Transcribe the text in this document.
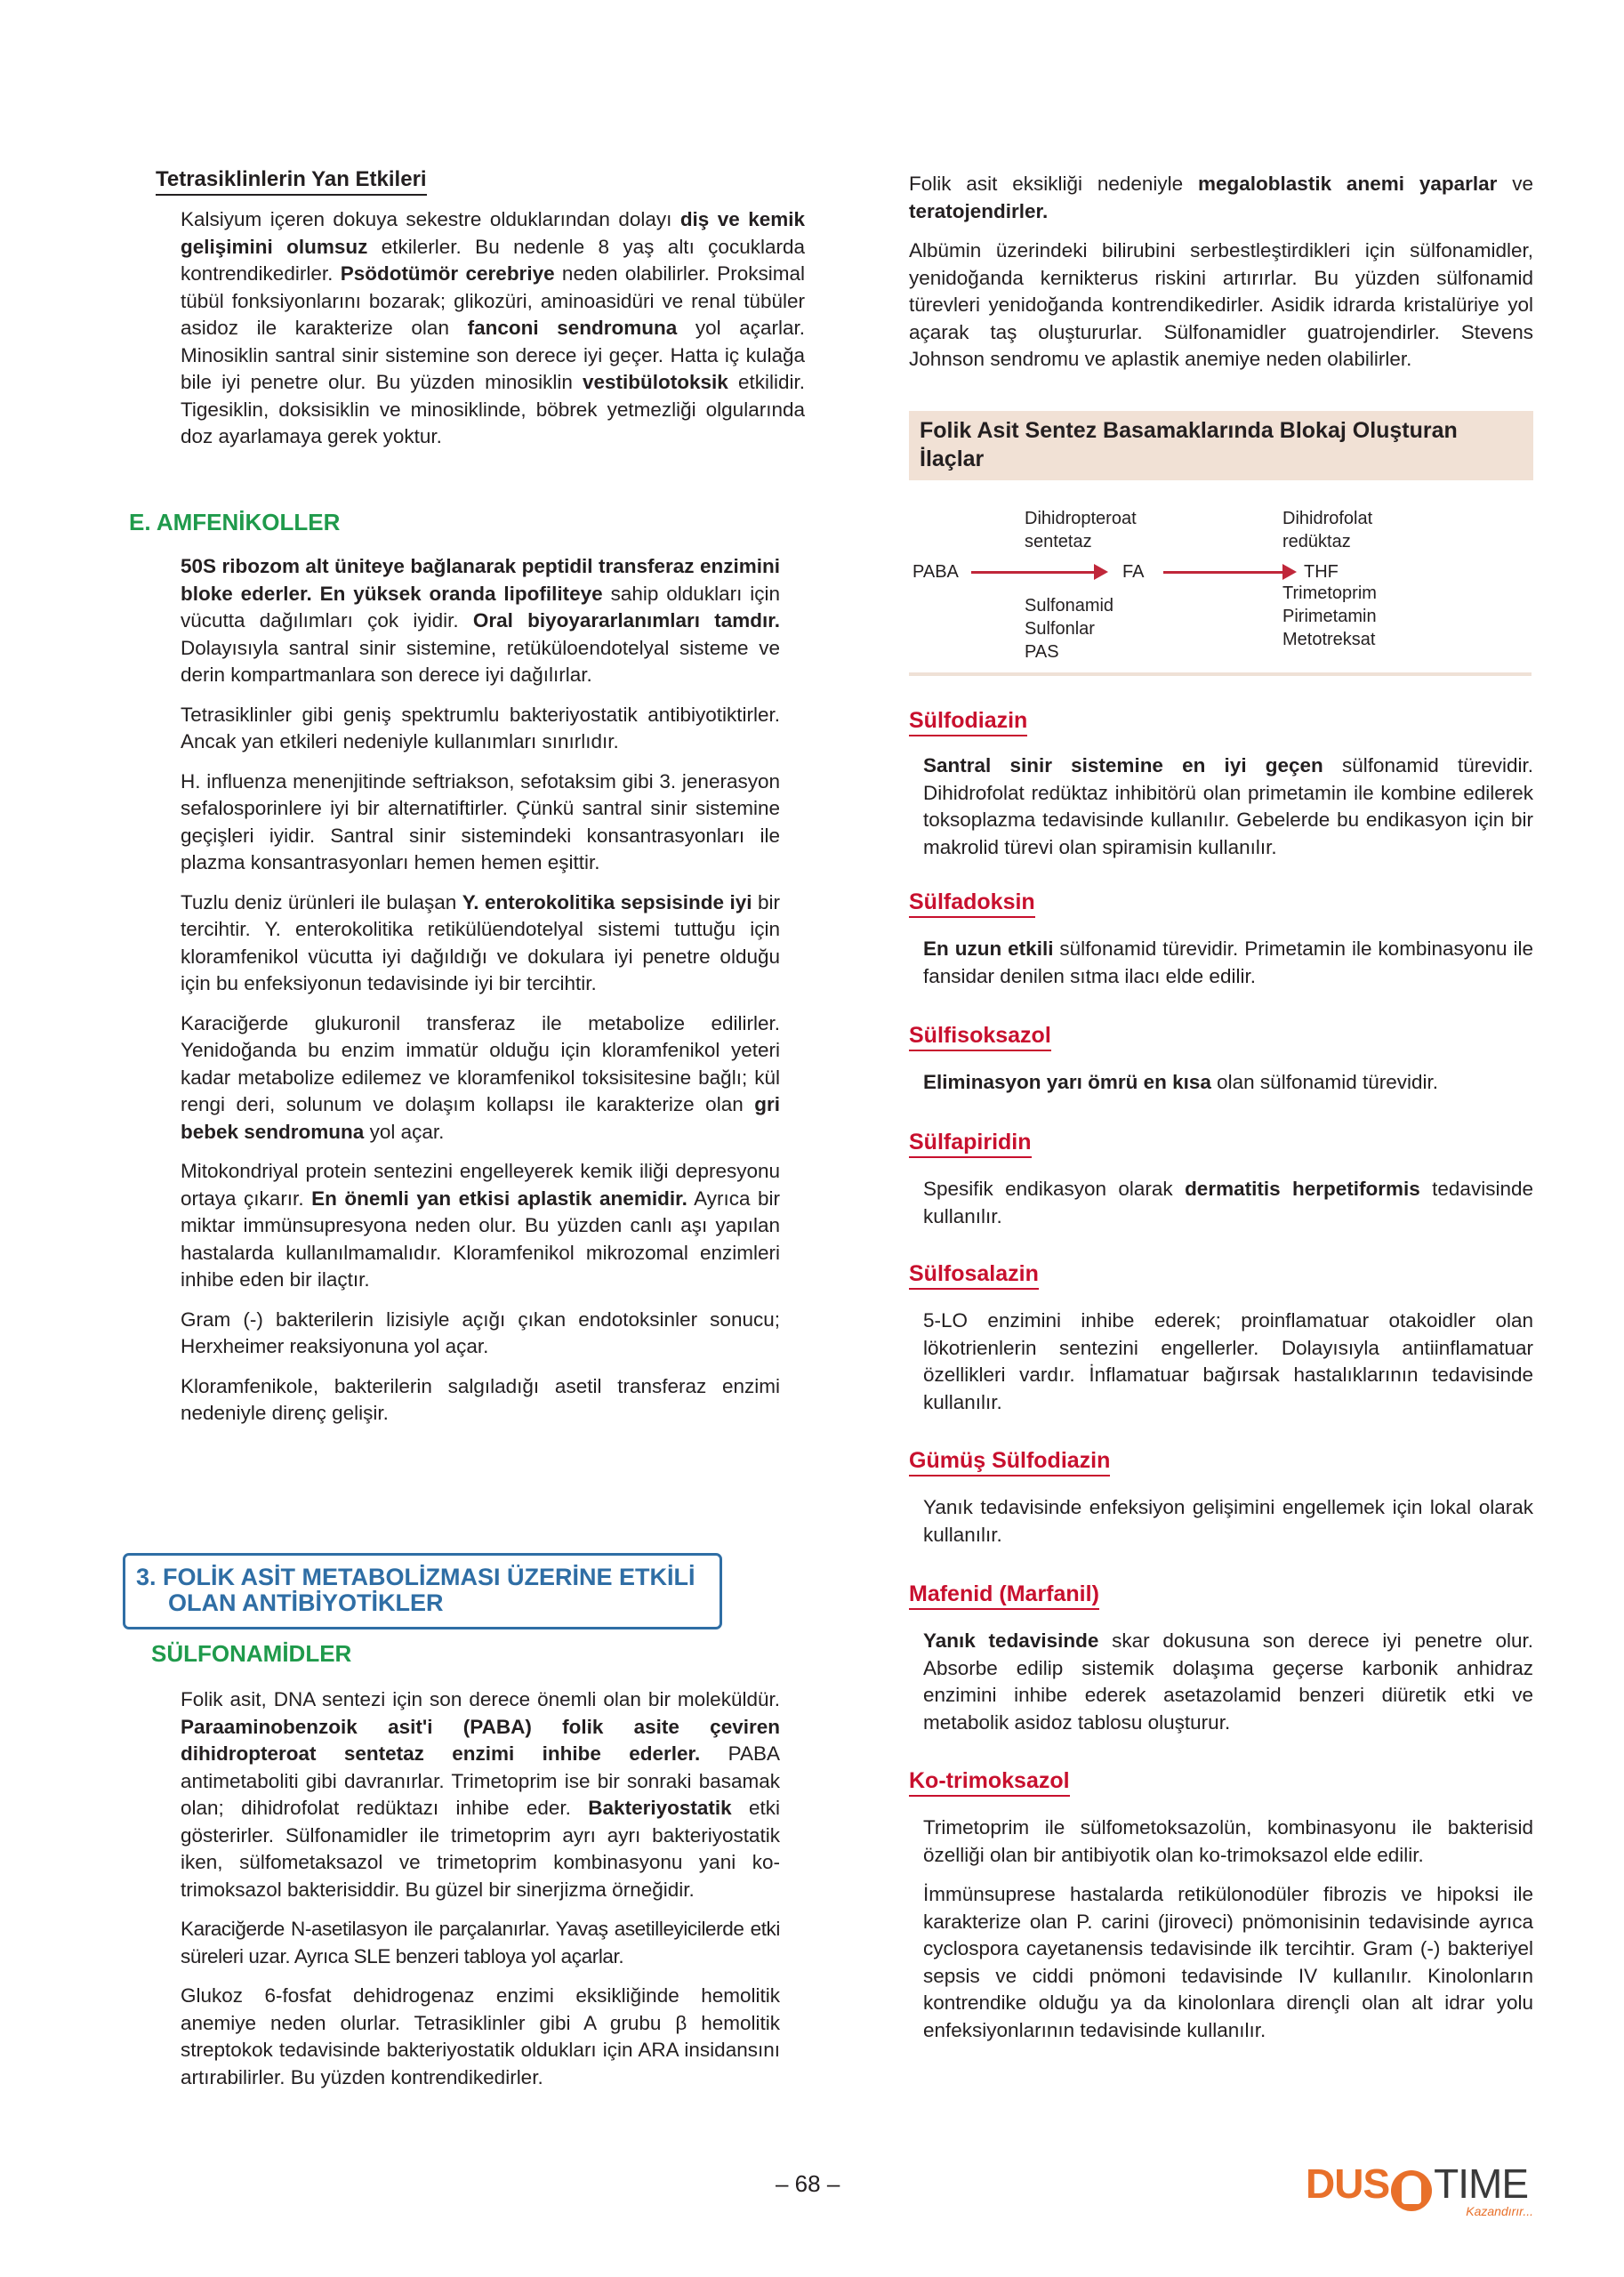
Tetrasiklinlerin Yan Etkileri

Kalsiyum içeren dokuya sekestre olduklarından dolayı diş ve kemik gelişimini olumsuz etkilerler. Bu nedenle 8 yaş altı çocuklarda kontrendikedirler. Psödotümör cerebriye neden olabilirler. Proksimal tübül fonksiyonlarını bozarak; glikozüri, aminoasidüri ve renal tübüler asidoz ile karakterize olan fanconi sendromuna yol açarlar. Minosiklin santral sinir sistemine son derece iyi geçer. Hatta iç kulağa bile iyi penetre olur. Bu yüzden minosiklin vestibülotoksik etkilidir. Tigesiklin, doksisiklin ve minosiklinde, böbrek yetmezliği olgularında doz ayarlamaya gerek yoktur.

E. AMFENİKOLLER

50S ribozom alt üniteye bağlanarak peptidil transferaz enzimini bloke ederler. En yüksek oranda lipofiliteye sahip oldukları için vücutta dağılımları çok iyidir. Oral biyoyararlanımları tamdır. Dolayısıyla santral sinir sistemine, retüküloendotelyal sisteme ve derin kompartmanlara son derece iyi dağılırlar.

Tetrasiklinler gibi geniş spektrumlu bakteriyostatik antibiyotiktirler. Ancak yan etkileri nedeniyle kullanımları sınırlıdır.

H. influenza menenjitinde seftriakson, sefotaksim gibi 3. jenerasyon sefalosporinlere iyi bir alternatiftirler. Çünkü santral sinir sistemine geçişleri iyidir. Santral sinir sistemindeki konsantrasyonları ile plazma konsantrasyonları hemen hemen eşittir.

Tuzlu deniz ürünleri ile bulaşan Y. enterokolitika sepsisinde iyi bir tercihtir. Y. enterokolitika retikülüendotelyal sistemi tuttuğu için kloramfenikol vücutta iyi dağıldığı ve dokulara iyi penetre olduğu için bu enfeksiyonun tedavisinde iyi bir tercihtir.

Karaciğerde glukuronil transferaz ile metabolize edilirler. Yenidoğanda bu enzim immatür olduğu için kloramfenikol yeteri kadar metabolize edilemez ve kloramfenikol toksisitesine bağlı; kül rengi deri, solunum ve dolaşım kollapsı ile karakterize olan gri bebek sendromuna yol açar.

Mitokondriyal protein sentezini engelleyerek kemik iliği depresyonu ortaya çıkarır. En önemli yan etkisi aplastik anemidir. Ayrıca bir miktar immünsupresyona neden olur. Bu yüzden canlı aşı yapılan hastalarda kullanılmamalıdır. Kloramfenikol mikrozomal enzimleri inhibe eden bir ilaçtır.

Gram (-) bakterilerin lizisiyle açığı çıkan endotoksinler sonucu; Herxheimer reaksiyonuna yol açar.

Kloramfenikole, bakterilerin salgıladığı asetil transferaz enzimi nedeniyle direnç gelişir.

3. FOLİK ASİT METABOLİZMASI ÜZERİNE ETKİLİ
OLAN ANTİBİYOTİKLER
SÜLFONAMİDLER

Folik asit, DNA sentezi için son derece önemli olan bir moleküldür. Paraaminobenzoik asit'i (PABA) folik asite çeviren dihidropteroat sentetaz enzimi inhibe ederler. PABA antimetaboliti gibi davranırlar. Trimetoprim ise bir sonraki basamak olan; dihidrofolat redüktazı inhibe eder. Bakteriyostatik etki gösterirler. Sülfonamidler ile trimetoprim ayrı ayrı bakteriyostatik iken, sülfometaksazol ve trimetoprim kombinasyonu yani ko-trimoksazol bakterisiddir. Bu güzel bir sinerjizma örneğidir.

Karaciğerde N-asetilasyon ile parçalanırlar. Yavaş asetilleyicilerde etki süreleri uzar. Ayrıca SLE benzeri tabloya yol açarlar.

Glukoz 6-fosfat dehidrogenaz enzimi eksikliğinde hemolitik anemiye neden olurlar. Tetrasiklinler gibi A grubu β hemolitik streptokok tedavisinde bakteriyostatik oldukları için ARA insidansını artırabilirler. Bu yüzden kontrendikedirler.

Folik asit eksikliği nedeniyle megaloblastik anemi yaparlar ve teratojendirler.

Albümin üzerindeki bilirubini serbestleştirdikleri için sülfonamidler, yenidoğanda kernikterus riskini artırırlar. Bu yüzden sülfonamid türevleri yenidoğanda kontrendikedirler. Asidik idrarda kristalüriye yol açarak taş oluştururlar. Sülfonamidler guatrojendirler. Stevens Johnson sendromu ve aplastik anemiye neden olabilirler.

Folik Asit Sentez Basamaklarında Blokaj Oluşturan
İlaçlar
Dihidropteroat
sentetaz
Dihidrofolat
redüktaz
PABA	FA	THF
Sulfonamid
Sulfonlar
PAS
Trimetoprim
Pirimetamin
Metotreksat
Sülfodiazin

Santral sinir sistemine en iyi geçen sülfonamid türevidir. Dihidrofolat redüktaz inhibitörü olan primetamin ile kombine edilerek toksoplazma tedavisinde kullanılır. Gebelerde bu endikasyon için bir makrolid türevi olan spiramisin kullanılır.

Sülfadoksin

En uzun etkili sülfonamid türevidir. Primetamin ile kombinasyonu ile fansidar denilen sıtma ilacı elde edilir.

Sülfisoksazol

Eliminasyon yarı ömrü en kısa olan sülfonamid türevidir.

Sülfapiridin

Spesifik endikasyon olarak dermatitis herpetiformis tedavisinde kullanılır.

Sülfosalazin

5-LO enzimini inhibe ederek; proinflamatuar otakoidler olan lökotrienlerin sentezini engellerler. Dolayısıyla antiinflamatuar özellikleri vardır. İnflamatuar bağırsak hastalıklarının tedavisinde kullanılır.

Gümüş Sülfodiazin

Yanık tedavisinde enfeksiyon gelişimini engellemek için lokal olarak kullanılır.

Mafenid (Marfanil)

Yanık tedavisinde skar dokusuna son derece iyi penetre olur. Absorbe edilip sistemik dolaşıma geçerse karbonik anhidraz enzimini inhibe ederek asetazolamid benzeri diüretik etki ve metabolik asidoz tablosu oluşturur.

Ko-trimoksazol

Trimetoprim ile sülfometoksazolün, kombinasyonu ile bakterisid özelliği olan bir antibiyotik olan ko-trimoksazol elde edilir.

İmmünsuprese hastalarda retikülonodüler fibrozis ve hipoksi ile karakterize olan P. carini (jiroveci) pnömonisinin tedavisinde ayrıca cyclospora cayetanensis tedavisinde ilk tercihtir. Gram (-) bakteriyel sepsis ve ciddi pnömoni tedavisinde IV kullanılır. Kinolonların kontrendike olduğu ya da kinolonlara dirençli olan alt idrar yolu enfeksiyonlarının tedavisinde kullanılır.

– 68 –	DUS TIME
Kazandırır...
